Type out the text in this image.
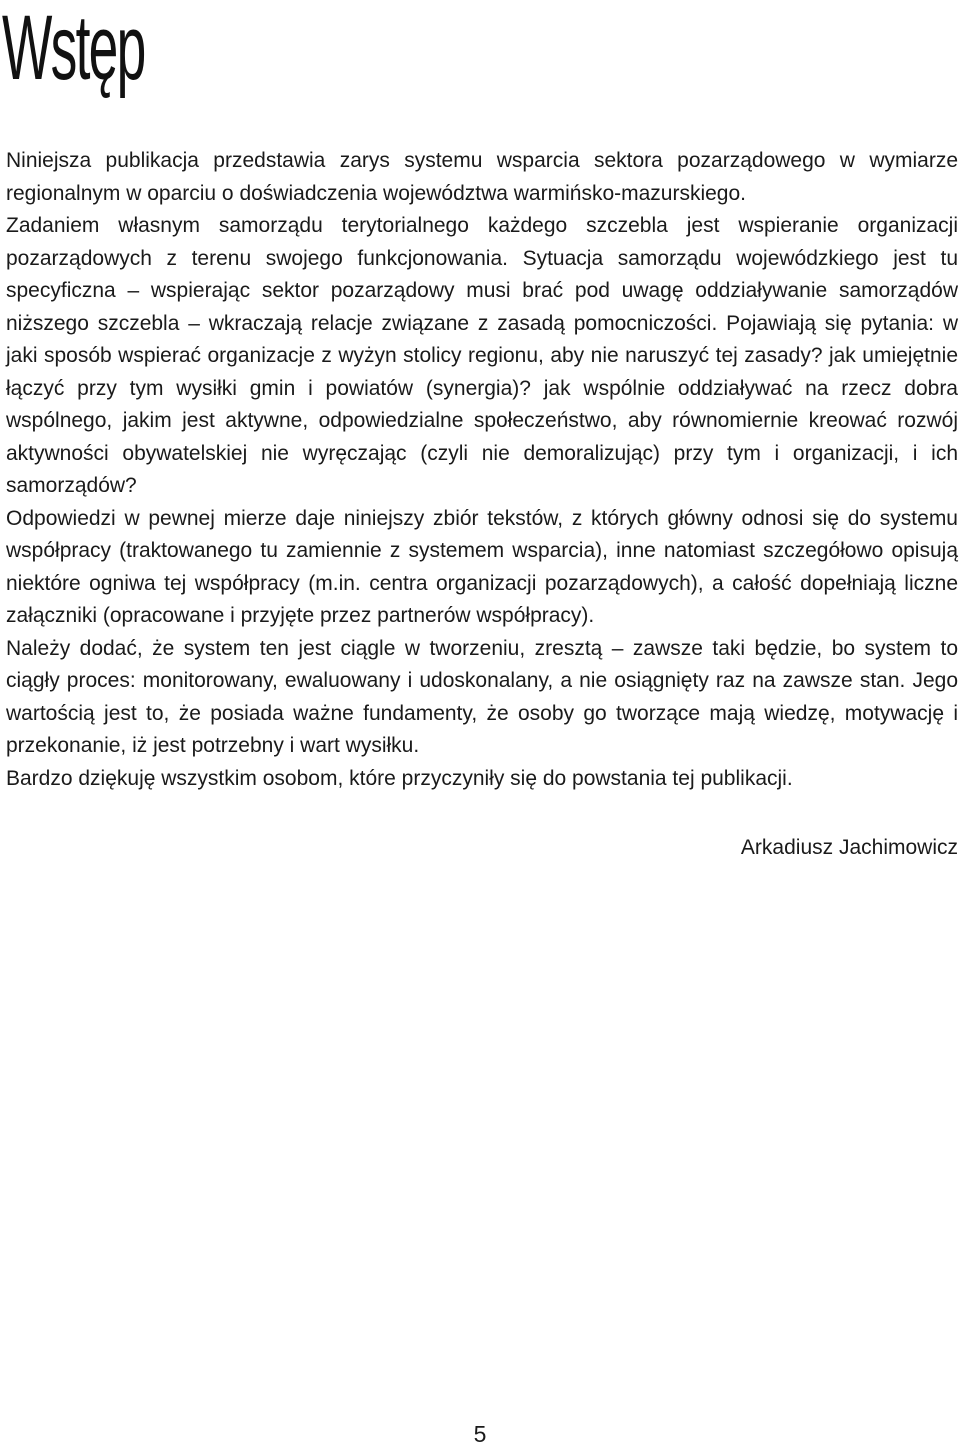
Wstęp

Niniejsza publikacja przedstawia zarys systemu wsparcia sektora pozarządowego w wymiarze regionalnym w oparciu o doświadczenia województwa warmińsko-mazurskiego.

Zadaniem własnym samorządu terytorialnego każdego szczebla jest wspieranie organizacji pozarządowych z terenu swojego funkcjonowania. Sytuacja samorządu wojewódzkiego jest tu specyficzna – wspierając sektor pozarządowy musi brać pod uwagę oddziaływanie samorządów niższego szczebla – wkraczają relacje związane z zasadą pomocniczości. Pojawiają się pytania: w jaki sposób wspierać organizacje z wyżyn stolicy regionu, aby nie naruszyć tej zasady? jak umiejętnie łączyć przy tym wysiłki gmin i powiatów (synergia)? jak wspólnie oddziaływać na rzecz dobra wspólnego, jakim jest aktywne, odpowiedzialne społeczeństwo, aby równomiernie kreować rozwój aktywności obywatelskiej nie wyręczając (czyli nie demoralizując) przy tym i organizacji, i ich samorządów?

Odpowiedzi w pewnej mierze daje niniejszy zbiór tekstów, z których główny odnosi się do systemu współpracy (traktowanego tu zamiennie z systemem wsparcia), inne natomiast szczegółowo opisują niektóre ogniwa tej współpracy (m.in. centra organizacji pozarządowych), a całość dopełniają liczne załączniki (opracowane i przyjęte przez partnerów współpracy).

Należy dodać, że system ten jest ciągle w tworzeniu, zresztą – zawsze taki będzie, bo system to ciągły proces: monitorowany, ewaluowany i udoskonalany, a nie osiągnięty raz na zawsze stan. Jego wartością jest to, że posiada ważne fundamenty, że osoby go tworzące mają wiedzę, motywację i przekonanie, iż jest potrzebny i wart wysiłku.

Bardzo dziękuję wszystkim osobom, które przyczyniły się do powstania tej publikacji.

Arkadiusz Jachimowicz
5
